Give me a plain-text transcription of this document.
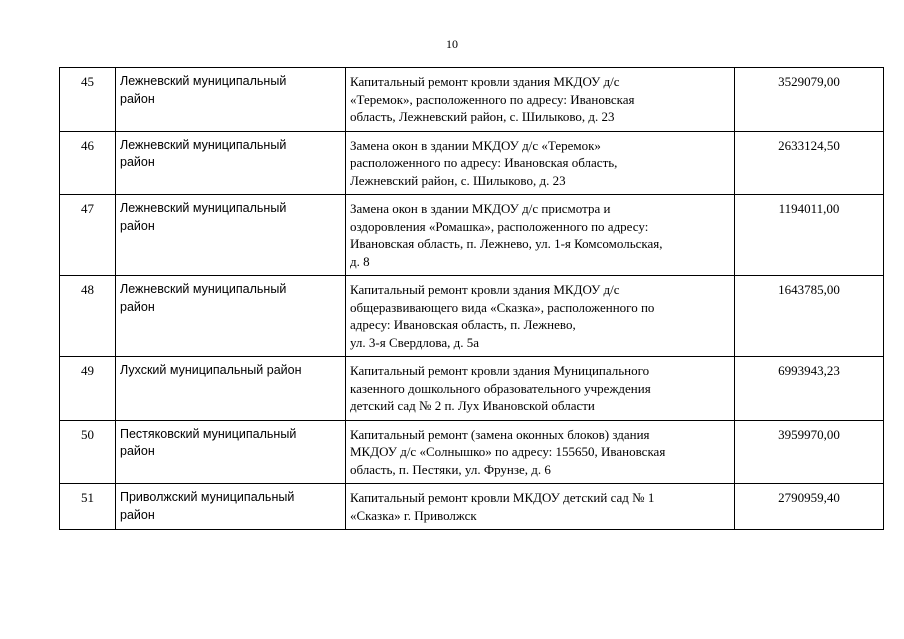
10
45	Лежневский муниципальный
район	Капитальный ремонт кровли здания МКДОУ д/с
«Теремок», расположенного по адресу: Ивановская
область, Лежневский район, с. Шилыково, д. 23	3529079,00
46	Лежневский муниципальный
район	Замена окон в здании МКДОУ д/с «Теремок»
расположенного по адресу: Ивановская область,
Лежневский район, с. Шилыково, д. 23	2633124,50
47	Лежневский муниципальный
район	Замена окон в здании МКДОУ д/с присмотра и
оздоровления «Ромашка», расположенного по адресу:
Ивановская область, п. Лежнево, ул. 1-я Комсомольская,
д. 8	1194011,00
48	Лежневский муниципальный
район	Капитальный ремонт кровли здания МКДОУ д/с
общеразвивающего вида «Сказка», расположенного по
адресу: Ивановская область, п. Лежнево,
ул. 3-я Свердлова, д. 5а	1643785,00
49	Лухский муниципальный район	Капитальный ремонт кровли здания Муниципального
казенного дошкольного образовательного учреждения
детский сад № 2 п. Лух Ивановской области	6993943,23
50	Пестяковский муниципальный
район	Капитальный ремонт (замена оконных блоков) здания
МКДОУ д/с «Солнышко» по адресу: 155650, Ивановская
область, п. Пестяки, ул. Фрунзе, д. 6	3959970,00
51	Приволжский муниципальный
район	Капитальный ремонт кровли МКДОУ детский сад № 1
«Сказка» г. Приволжск	2790959,40
